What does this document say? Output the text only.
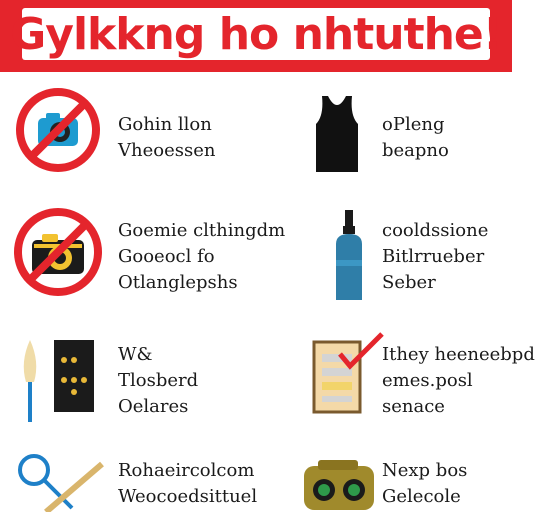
Gylkkng ho nhtuthe!
Gohin llon
Vheoessen
oPleng
beapno
Goemie clthingdm
Gooeocl fo
Otlanglepshs
cooldssione
Bitlrrueber
Seber
W&
Tlosberd
Oelares
Ithey heeneebpd
emes.posl
senace
Rohaeircolcom
Weocoedsittuel
Nexp bos
Gelecole
